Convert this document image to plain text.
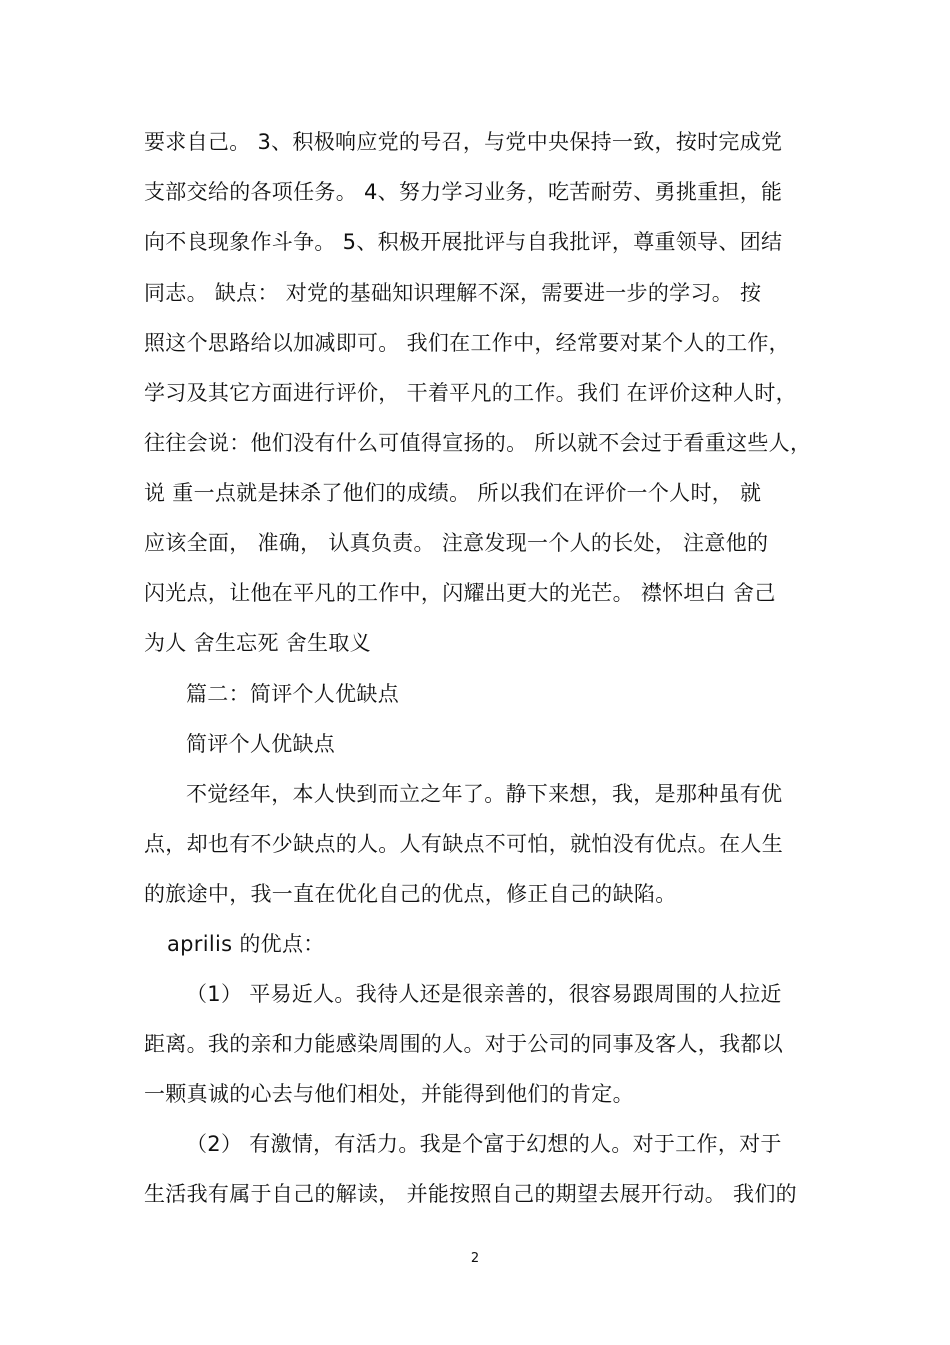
要求自己。 3、积极响应党的号召，与党中央保持一致，按时完成党
支部交给的各项任务。 4、努力学习业务，吃苦耐劳、勇挑重担，能
向不良现象作斗争。 5、积极开展批评与自我批评，尊重领导、团结
同志。 缺点： 对党的基础知识理解不深，需要进一步的学习。 按
照这个思路给以加减即可。 我们在工作中，经常要对某个人的工作，
学习及其它方面进行评价， 干着平凡的工作。我们 在评价这种人时，
往往会说：他们没有什么可值得宣扬的。 所以就不会过于看重这些人，
说 重一点就是抹杀了他们的成绩。 所以我们在评价一个人时， 就
应该全面， 准确， 认真负责。 注意发现一个人的长处， 注意他的
闪光点，让他在平凡的工作中，闪耀出更大的光芒。 襟怀坦白 舍己
为人 舍生忘死 舍生取义
篇二：简评个人优缺点
简评个人优缺点
不觉经年，本人快到而立之年了。静下来想，我，是那种虽有优
点，却也有不少缺点的人。人有缺点不可怕，就怕没有优点。在人生
的旅途中，我一直在优化自己的优点，修正自己的缺陷。
aprilis 的优点：
（1） 平易近人。我待人还是很亲善的，很容易跟周围的人拉近
距离。我的亲和力能感染周围的人。对于公司的同事及客人，我都以
一颗真诚的心去与他们相处，并能得到他们的肯定。
（2） 有激情，有活力。我是个富于幻想的人。对于工作，对于
生活我有属于自己的解读， 并能按照自己的期望去展开行动。 我们的
2
